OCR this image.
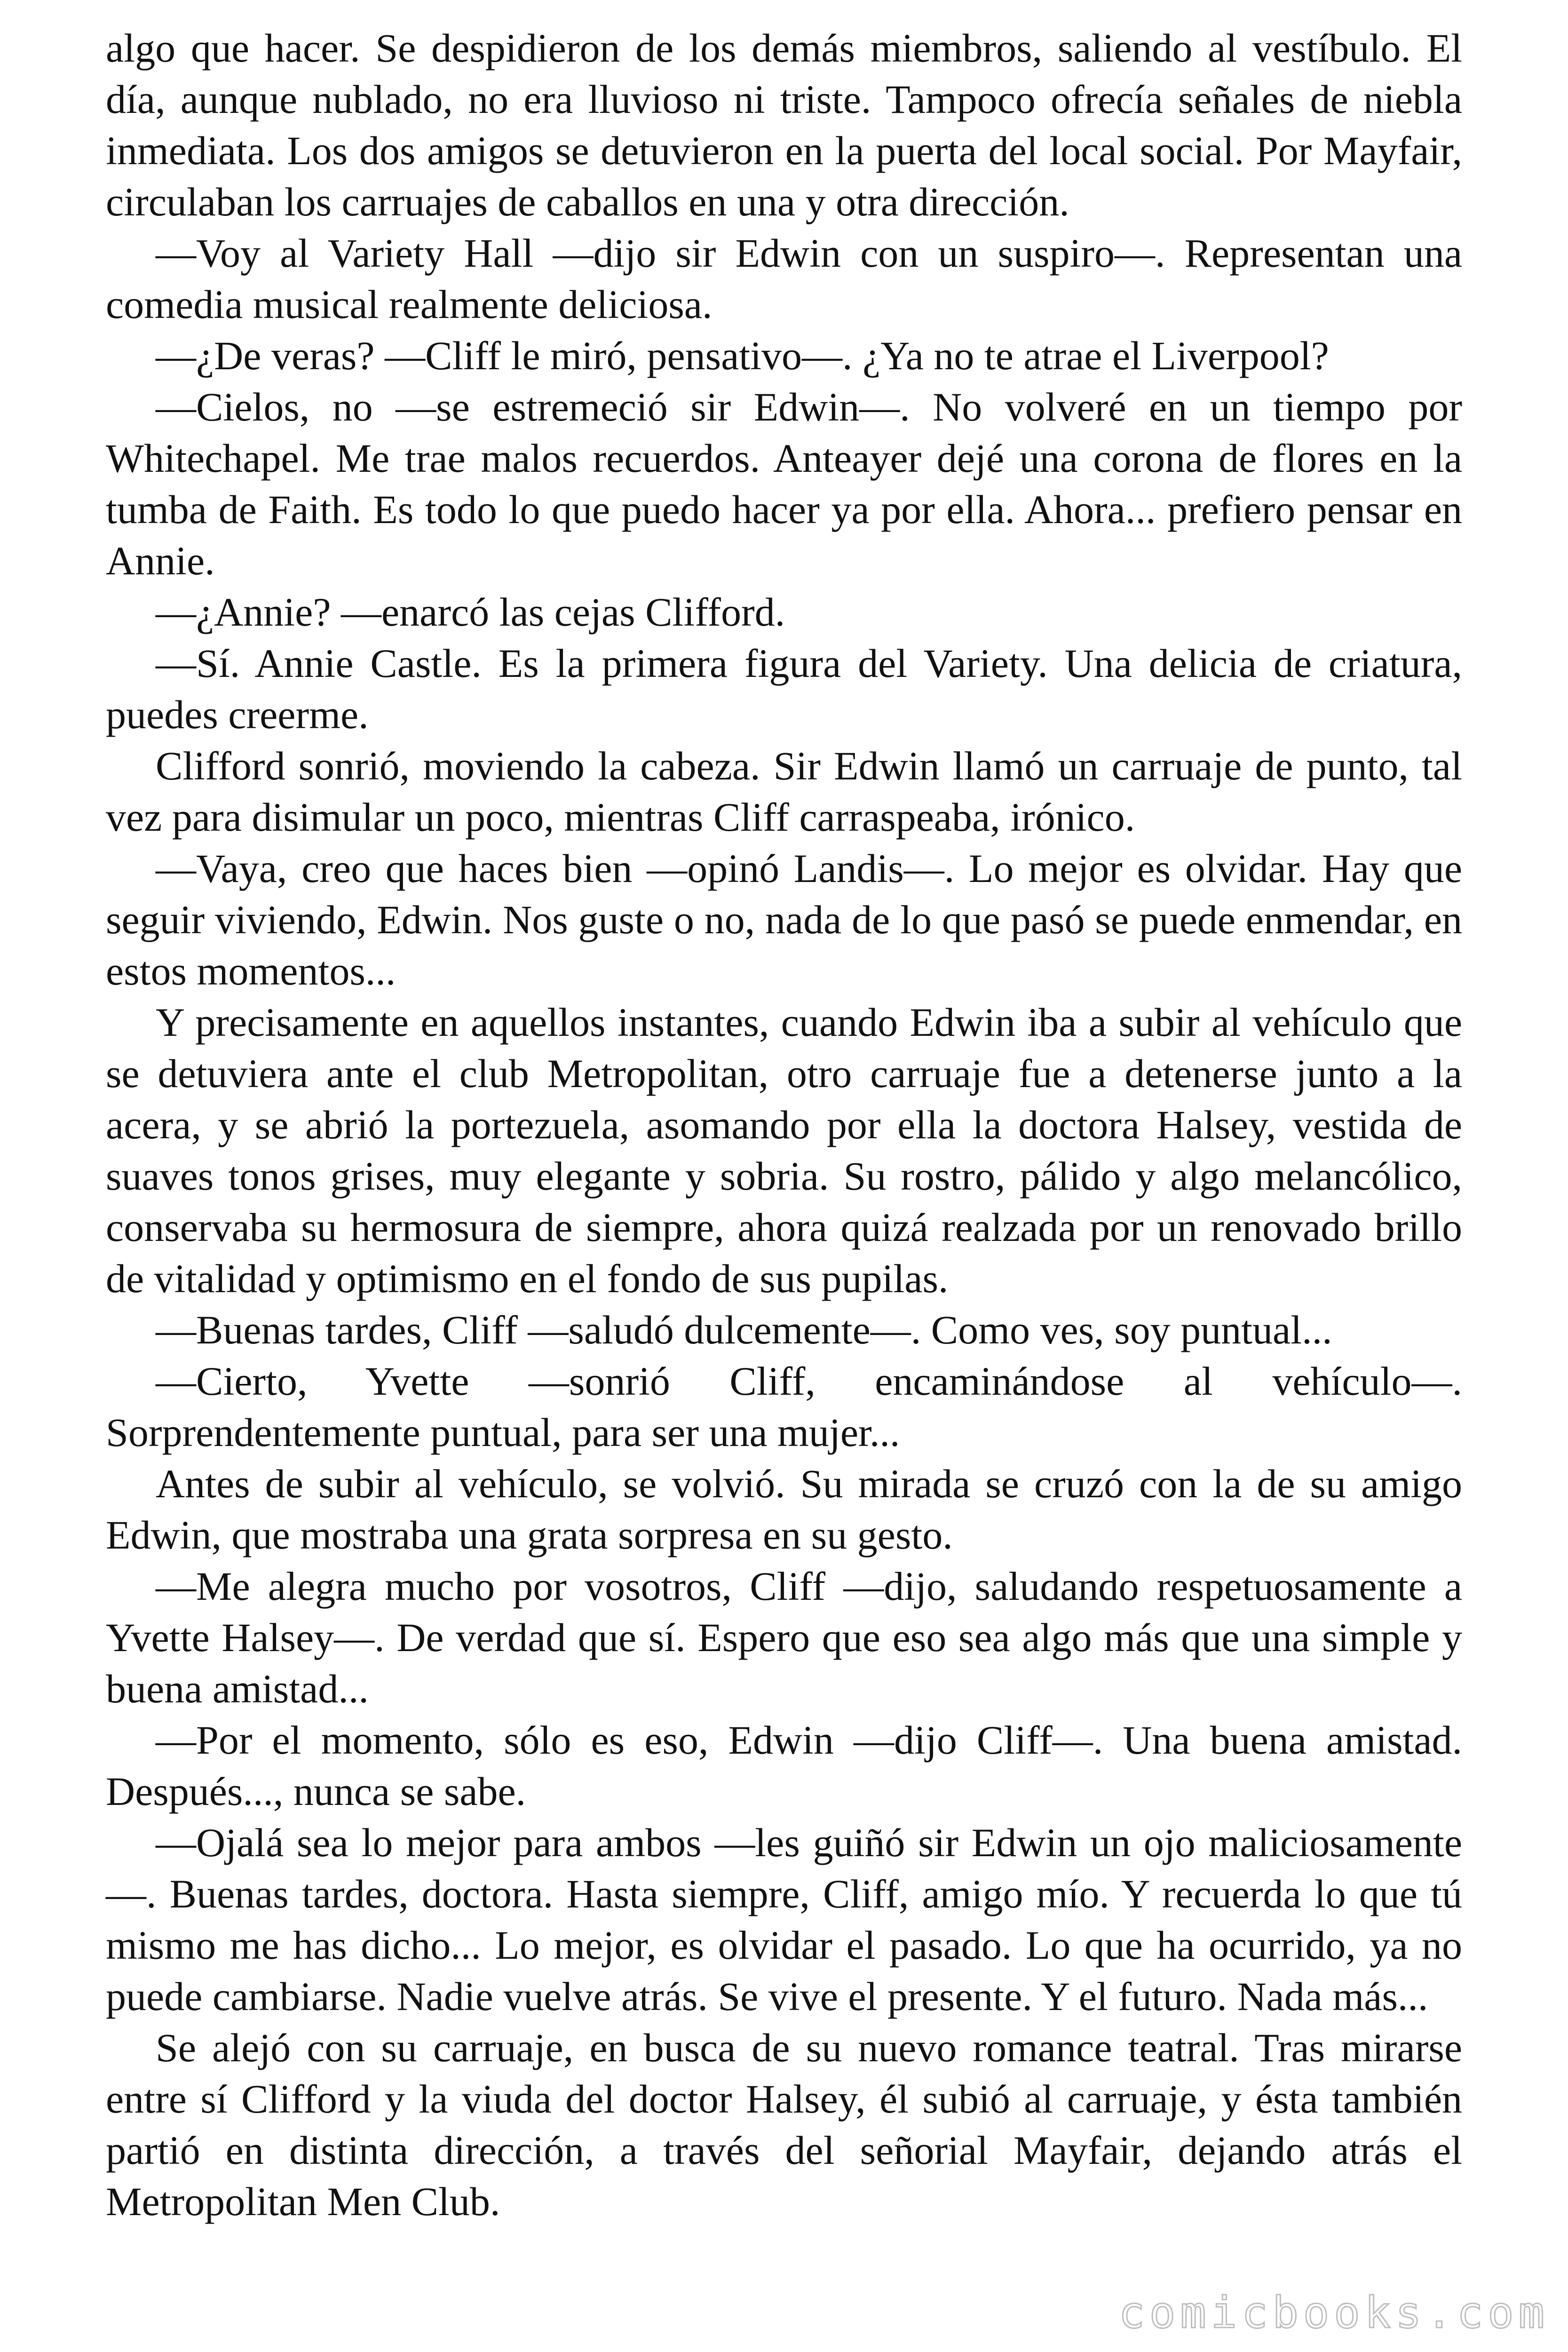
algo que hacer. Se despidieron de los demás miembros, saliendo al vestíbulo. El día, aunque nublado, no era lluvioso ni triste. Tampoco ofrecía señales de niebla inmediata. Los dos amigos se detuvieron en la puerta del local social. Por Mayfair, circulaban los carruajes de caballos en una y otra dirección.

—Voy al Variety Hall —dijo sir Edwin con un suspiro—. Representan una comedia musical realmente deliciosa.

—¿De veras? —Cliff le miró, pensativo—. ¿Ya no te atrae el Liverpool?

—Cielos, no —se estremeció sir Edwin—. No volveré en un tiempo por Whitechapel. Me trae malos recuerdos. Anteayer dejé una corona de flores en la tumba de Faith. Es todo lo que puedo hacer ya por ella. Ahora... prefiero pensar en Annie.

—¿Annie? —enarcó las cejas Clifford.

—Sí. Annie Castle. Es la primera figura del Variety. Una delicia de criatura, puedes creerme.

Clifford sonrió, moviendo la cabeza. Sir Edwin llamó un carruaje de punto, tal vez para disimular un poco, mientras Cliff carraspeaba, irónico.

—Vaya, creo que haces bien —opinó Landis—. Lo mejor es olvidar. Hay que seguir viviendo, Edwin. Nos guste o no, nada de lo que pasó se puede enmendar, en estos momentos...

Y precisamente en aquellos instantes, cuando Edwin iba a subir al vehículo que se detuviera ante el club Metropolitan, otro carruaje fue a detenerse junto a la acera, y se abrió la portezuela, asomando por ella la doctora Halsey, vestida de suaves tonos grises, muy elegante y sobria. Su rostro, pálido y algo melancólico, conservaba su hermosura de siempre, ahora quizá realzada por un renovado brillo de vitalidad y optimismo en el fondo de sus pupilas.

—Buenas tardes, Cliff —saludó dulcemente—. Como ves, soy puntual...

—Cierto, Yvette —sonrió Cliff, encaminándose al vehículo—. Sorprendentemente puntual, para ser una mujer...

Antes de subir al vehículo, se volvió. Su mirada se cruzó con la de su amigo Edwin, que mostraba una grata sorpresa en su gesto.

—Me alegra mucho por vosotros, Cliff —dijo, saludando respetuosamente a Yvette Halsey—. De verdad que sí. Espero que eso sea algo más que una simple y buena amistad...

—Por el momento, sólo es eso, Edwin —dijo Cliff—. Una buena amistad. Después..., nunca se sabe.

—Ojalá sea lo mejor para ambos —les guiñó sir Edwin un ojo maliciosamente—. Buenas tardes, doctora. Hasta siempre, Cliff, amigo mío. Y recuerda lo que tú mismo me has dicho... Lo mejor, es olvidar el pasado. Lo que ha ocurrido, ya no puede cambiarse. Nadie vuelve atrás. Se vive el presente. Y el futuro. Nada más...

Se alejó con su carruaje, en busca de su nuevo romance teatral. Tras mirarse entre sí Clifford y la viuda del doctor Halsey, él subió al carruaje, y ésta también partió en distinta dirección, a través del señorial Mayfair, dejando atrás el Metropolitan Men Club.

comicbooks.com
